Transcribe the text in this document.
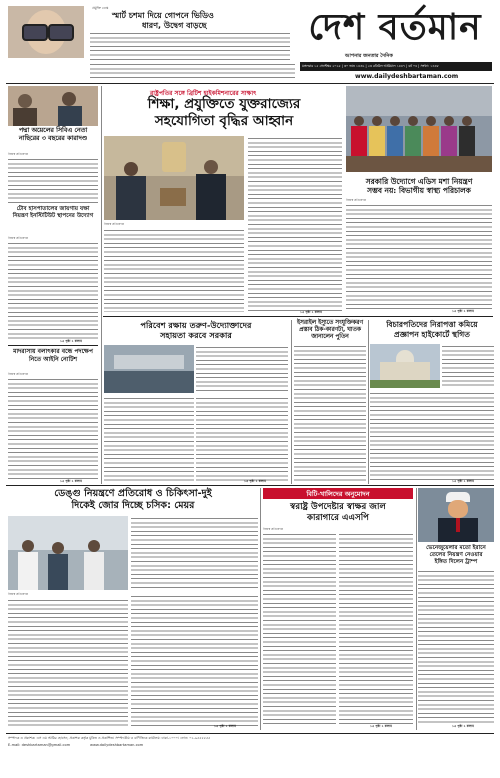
প্রযুক্তি ডেস্ক
স্মার্ট চশমা দিয়ে গোপনে ভিডিও
ধারণ, উদ্বেগ বাড়ছে	দেশ বর্তমান
আপনার জনতার দৈনিক
মঙ্গলবার ১৫ সেপ্টেম্বর ২০২৫ | ৩০ ভাদ্র ১৪৩২ | ২৩ রবিউল আউয়াল ১৪৪৭ | বর্ষ ০৪ | সংখ্যা: ১৪৪৮
www.dailydeshbartaman.com
পদ্মা অয়েলের সিবিএ নেতা নাছিরের ৩ বছরের কারাদণ্ড
নিজস্ব প্রতিবেদক
টোব হাসপাতালের জায়গায় যক্ষা নিয়ন্ত্রণ ইনস্টিটিউট স্থাপনের উদ্যোগ
নিজস্ব প্রতিবেদক
১৩ পৃষ্ঠা ২ কলাম
মাদরাসায় বলাৎকার বন্ধে পদক্ষেপ নিতে আইনি নোটিশ
নিজস্ব প্রতিবেদক
১৩ পৃষ্ঠা ২ কলাম
রাষ্ট্রপতির সঙ্গে ব্রিটিশ হাইকমিশনারের সাক্ষাৎ
শিক্ষা, প্রযুক্তিতে যুক্তরাজ্যের
সহযোগিতা বৃদ্ধির আহ্বান
নিজস্ব প্রতিবেদক
১৩ পৃষ্ঠা ২ কলাম
সরকারি উদ্যোগে এডিস মশা নিয়ন্ত্রণ
সম্ভব নয়: বিভাগীয় স্বাস্থ্য পরিচালক
নিজস্ব প্রতিবেদক
১৩ পৃষ্ঠা ২ কলাম
পরিবেশ রক্ষায় তরুণ-উদ্যোক্তাদের
সহায়তা করবে সরকার
১৩ পৃষ্ঠা ২ কলাম
ইসরাইল ইস্যুতে সংযুক্তিকরণ
প্রস্তাব ঠিক-কারণটা, ঘাতক
জানালেন পুতিন
বিচারপতিদের নিরাপত্তা কমিয়ে
প্রজ্ঞাপন হাইকোর্টে স্থগিত
১৩ পৃষ্ঠা ২ কলাম
ডেঙ্গু নিয়ন্ত্রণে প্রতিরোধ ও চিকিৎসা-দুই
দিকেই জোর দিচ্ছে চসিক: মেয়র
নিজস্ব প্রতিবেদক
১৩ পৃষ্ঠা ২ কলাম
বিটি-খালিদের অনুমোদন
স্বরাষ্ট্র উপদেষ্টার স্বাক্ষর জাল
কারাগারে এএসপি
নিজস্ব প্রতিবেদক
১৩ পৃষ্ঠা ২ কলাম
ভেনেজুয়েলার মতো ইরানে
তেলের নিয়ন্ত্রণ নেওয়ার
ইঙ্গিত দিলেন ট্রাম্প
১৩ পৃষ্ঠা ২ কলাম
সম্পাদক ও প্রকাশক: এস এম আমির হোসেন, প্রকাশক কর্তৃক মুদ্রিত ও প্রকাশিত। সম্পাদকীয় ও বাণিজ্যিক কার্যালয়: ঢাকা-১০০০। ফোন: ০২-৯৫৫৫৫৫৫
E-mail: deshbartaman@gmail.com	www.dailydeshbartaman.com
